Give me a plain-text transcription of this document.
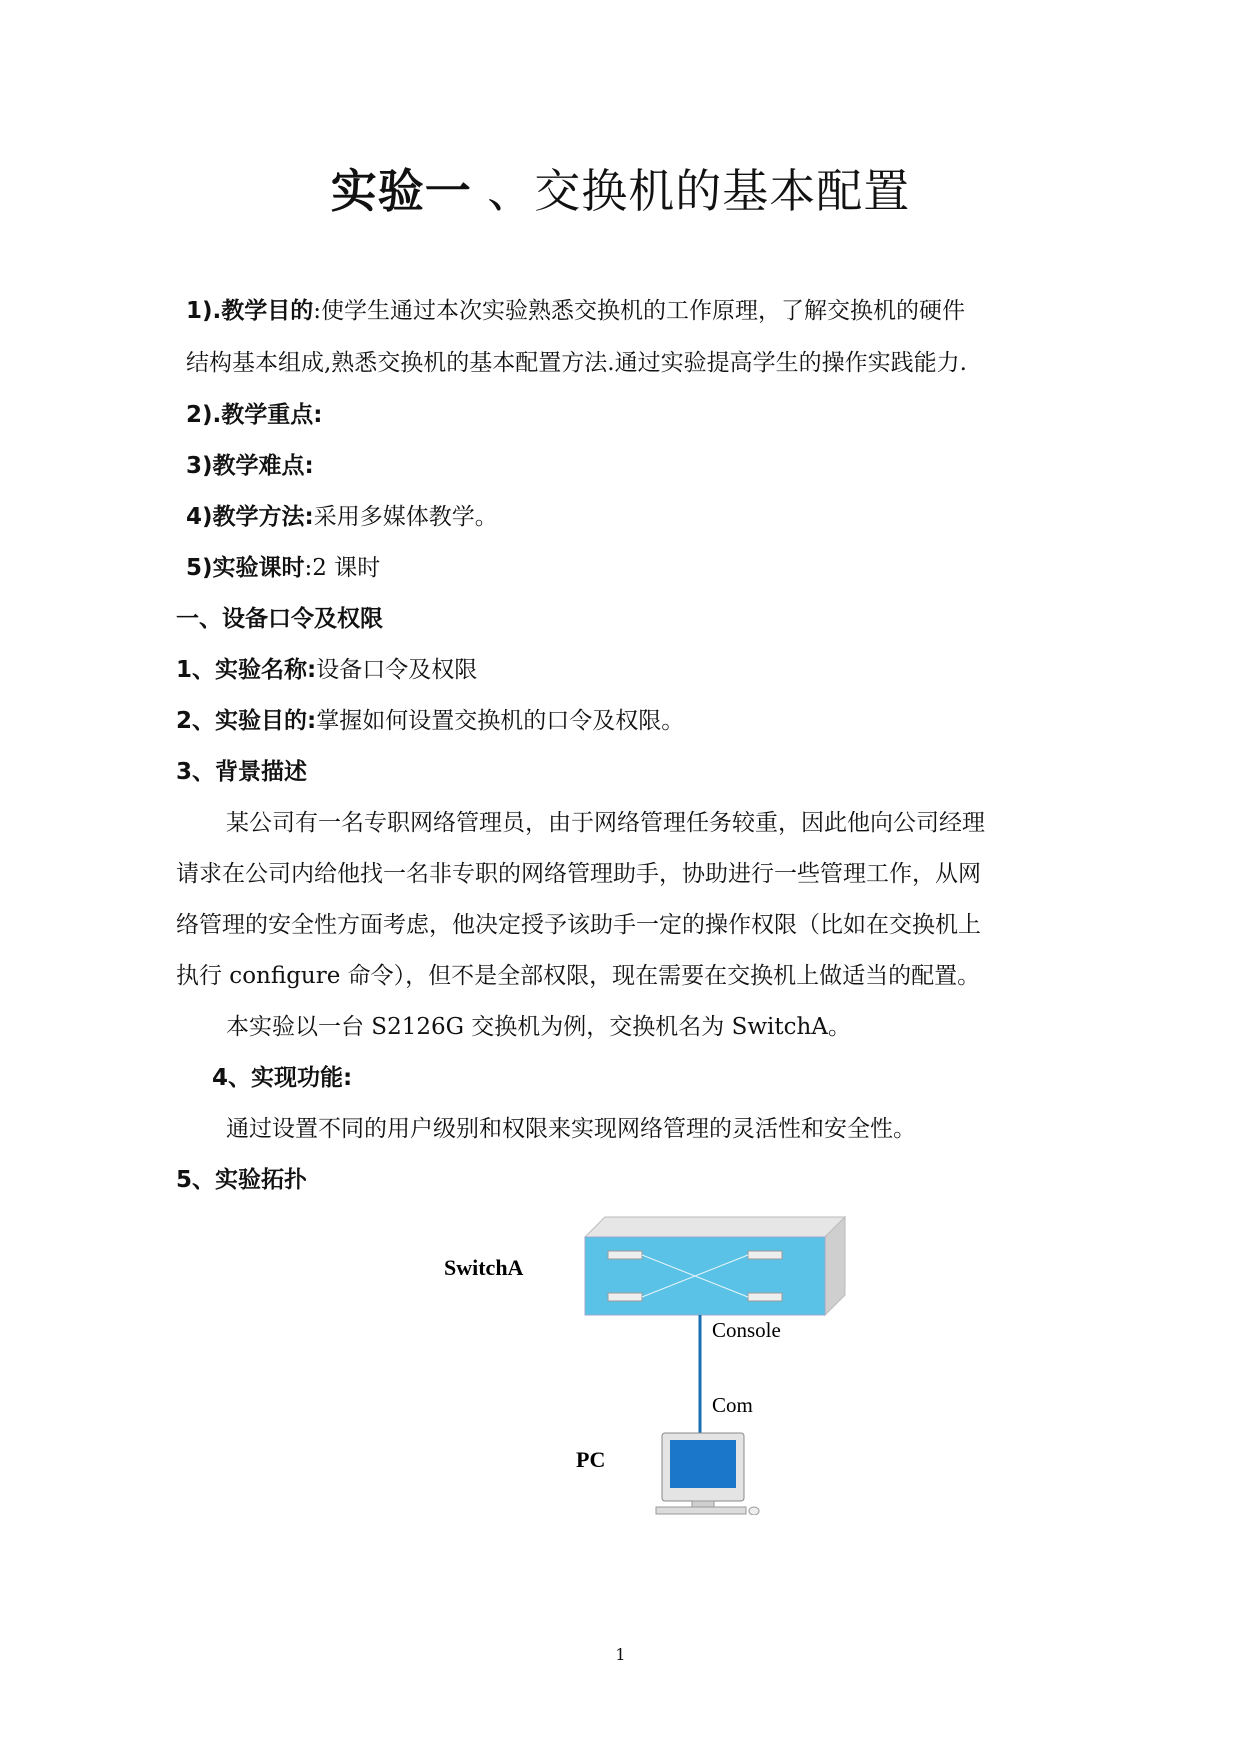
实验一 、交换机的基本配置
1).教学目的:使学生通过本次实验熟悉交换机的工作原理，了解交换机的硬件
结构基本组成,熟悉交换机的基本配置方法.通过实验提高学生的操作实践能力.
2).教学重点:
3)教学难点:
4)教学方法:采用多媒体教学。
5)实验课时:2 课时
一、设备口令及权限
1、实验名称:设备口令及权限
2、实验目的:掌握如何设置交换机的口令及权限。
3、背景描述
某公司有一名专职网络管理员，由于网络管理任务较重，因此他向公司经理
请求在公司内给他找一名非专职的网络管理助手，协助进行一些管理工作，从网
络管理的安全性方面考虑，他决定授予该助手一定的操作权限（比如在交换机上
执行 configure 命令），但不是全部权限，现在需要在交换机上做适当的配置。
本实验以一台 S2126G 交换机为例，交换机名为 SwitchA。
4、实现功能:
通过设置不同的用户级别和权限来实现网络管理的灵活性和安全性。
5、实验拓扑
SwitchA
Console
Com
PC
1
